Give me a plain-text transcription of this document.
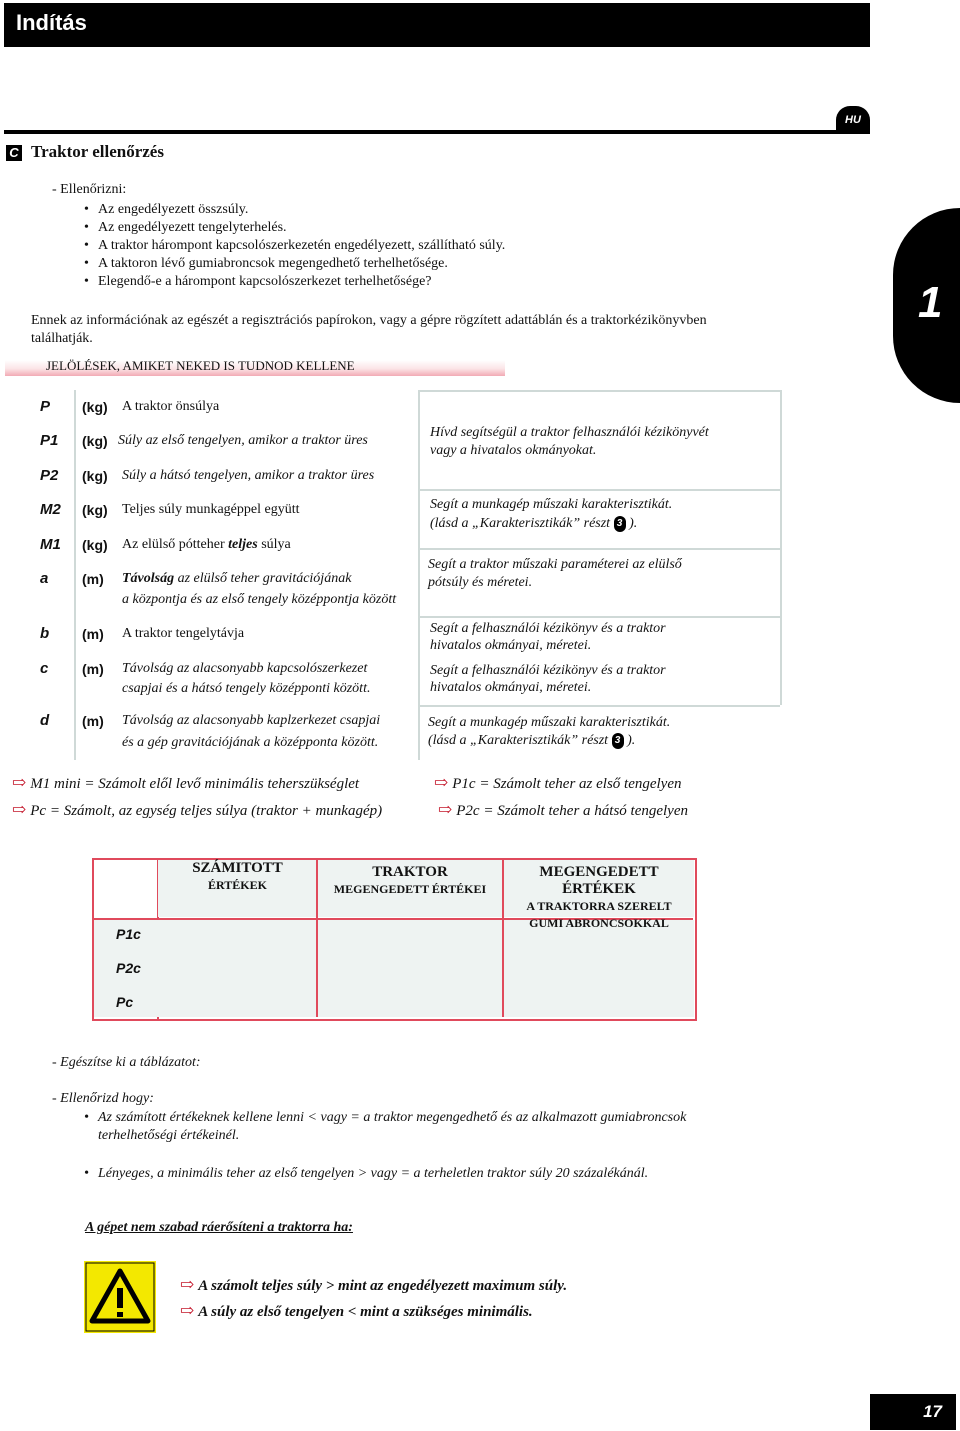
Indítás
HU
1
C Traktor ellenőrzés
- Ellenőrizni:
• Az engedélyezett összsúly.
• Az engedélyezett tengelyterhelés.
• A traktor hárompont kapcsolószerkezetén engedélyezett, szállítható súly.
• A taktoron lévő gumiabroncsok megengedhető terhelhetősége.
• Elegendő-e a hárompont kapcsolószerkezet terhelhetősége?
Ennek az információnak az egészét a regisztrációs papírokon, vagy a gépre rögzített adattáblán és a traktorkézikönyvben
találhatják.
JELÖLÉSEK, AMIKET NEKED IS TUDNOD KELLENE
P (kg) A traktor önsúlya
P1 (kg) Súly az első tengelyen, amikor a traktor üres
P2 (kg) Súly a hátsó tengelyen, amikor a traktor üres
M2 (kg) Teljes súly munkagéppel együtt
M1 (kg) Az elülső pótteher teljes súlya
a (m) Távolság az elülső teher gravitációjának
a központja és az első tengely középpontja között
b (m) A traktor tengelytávja
c (m) Távolság az alacsonyabb kapcsolószerkezet
csapjai és a hátsó tengely középponti között.
d (m) Távolság az alacsonyabb kaplzerkezet csapjai
és a gép gravitációjának a középponta között.
Hívd segítségül a traktor felhasználói kézikönyvét
vagy a hivatalos okmányokat.
Segít a munkagép műszaki karakterisztikát.
(lásd a „Karakterisztikák” részt 3 ).
Segít a traktor műszaki paraméterei az elülső
pótsúly és méretei.
Segít a felhasználói kézikönyv és a traktor
hivatalos okmányai, méretei.
Segít a felhasználói kézikönyv és a traktor
hivatalos okmányai, méretei.
Segít a munkagép műszaki karakterisztikát.
(lásd a „Karakterisztikák” részt 3 ).
⇨ M1 mini = Számolt elől levő minimális teherszükséglet	⇨ P1c = Számolt teher az első tengelyen
⇨ Pc = Számolt, az egység teljes súlya (traktor + munkagép)	⇨ P2c = Számolt teher a hátsó tengelyen
SZÁMITOTT
ÉRTÉKEK
TRAKTOR
MEGENGEDETT ÉRTÉKEI
MEGENGEDETT ÉRTÉKEK
A TRAKTORRA SZERELT
GUMI ABRONCSOKKAL
P1c
P2c
Pc
- Egészítse ki a táblázatot:
- Ellenőrizd hogy:
• Az számított értékeknek kellene lenni < vagy = a traktor megengedhető és az alkalmazott gumiabroncsok
terhelhetőségi értékeinél.
• Lényeges, a minimális teher az első tengelyen > vagy = a terheletlen traktor súly 20 százalékánál.
A gépet nem szabad ráerősíteni a traktorra ha:
⇨ A számolt teljes súly > mint az engedélyezett maximum súly.
⇨ A súly az első tengelyen < mint a szükséges minimális.
17
